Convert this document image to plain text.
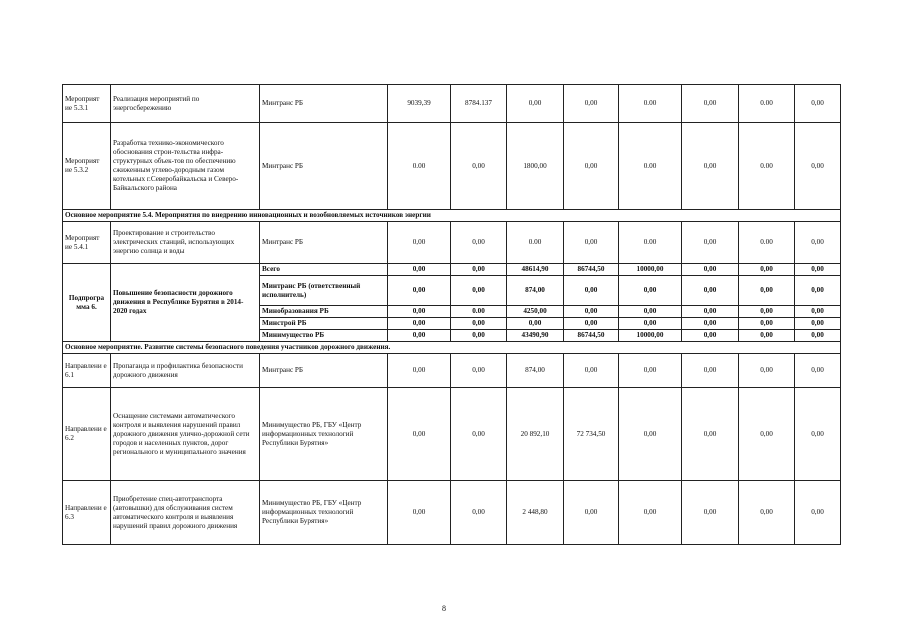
Мероприят ие 5.3.1	Реализация мероприятий по энергосбережению	Минтранс РБ	9039,39	8784.137	0,00	0,00	0.00	0,00	0.00	0,00
Мероприят ие 5.3.2	Разработка технико-экономического обоснования стрoи-тельства инфра-структурных объек-тов по обеспечению сжиженным углево-дородным газом котельных г.Северобайкальска и Северо-Байкальского района	Минтранс РБ	0.00	0,00	1800,00	0,00	0.00	0,00	0.00	0,00
Основное мероприятие 5.4. Мероприятия по внедрению инновационных и возобновляемых источников энергии										
Мероприят ие 5.4.1	Проектирование и строительство электрических станций, использующих энергию солнца и воды	Минтранс РБ	0,00	0,00	0.00	0,00	0.00	0,00	0.00	0,00
Подпрогра мма 6.	Повышение безопасности дорожного движения в Республике Бурятия в 2014-2020 годах	Всего	0,00	0,00	48614,90	86744,50	10000,00	0,00	0,00	0,00
		Минтранс РБ (ответственный исполнитель)	0,00	0,00	874,00	0,00	0,00	0,00	0,00	0,00
		Минобразования РБ	0,00	0.00	4250,00	0,00	0,00	0,00	0,00	0,00
		Минстрой РБ	0,00	0,00	0,00	0,00	0,00	0,00	0,00	0,00
		Минимущество РБ	0,00	0,00	43490,90	86744,50	10000,00	0,00	0,00	0,00
Основное мероприятие. Развитие системы безопасного поведения участников дорожного движения.										
Направлени е 6.1	Пропаганда и профилактика безопасности дорожного движения	Минтранс РБ	0,00	0,00	874,00	0,00	0,00	0,00	0,00	0,00
Направлени е 6.2	Оснащение системами автоматического контроля и выявления нарушений правил дорожного движения улично-дорожной сети городов и населенных пунктов, дорог регионального и муниципального значения	Минимущество РБ, ГБУ «Центр информационных технологий Республики Бурятия»	0,00	0,00	20 892,10	72 734,50	0,00	0,00	0,00	0,00
Направлени е 6.3	Приобретение спец-автотранспорта (автовышки) для обслуживания систем автоматического контроля и выявления нарушений правил дорожного движения	Минимущество РБ, ГБУ «Центр информационных технологий Республики Бурятия»	0,00	0,00	2 448,80	0,00	0,00	0,00	0,00	0,00
8
